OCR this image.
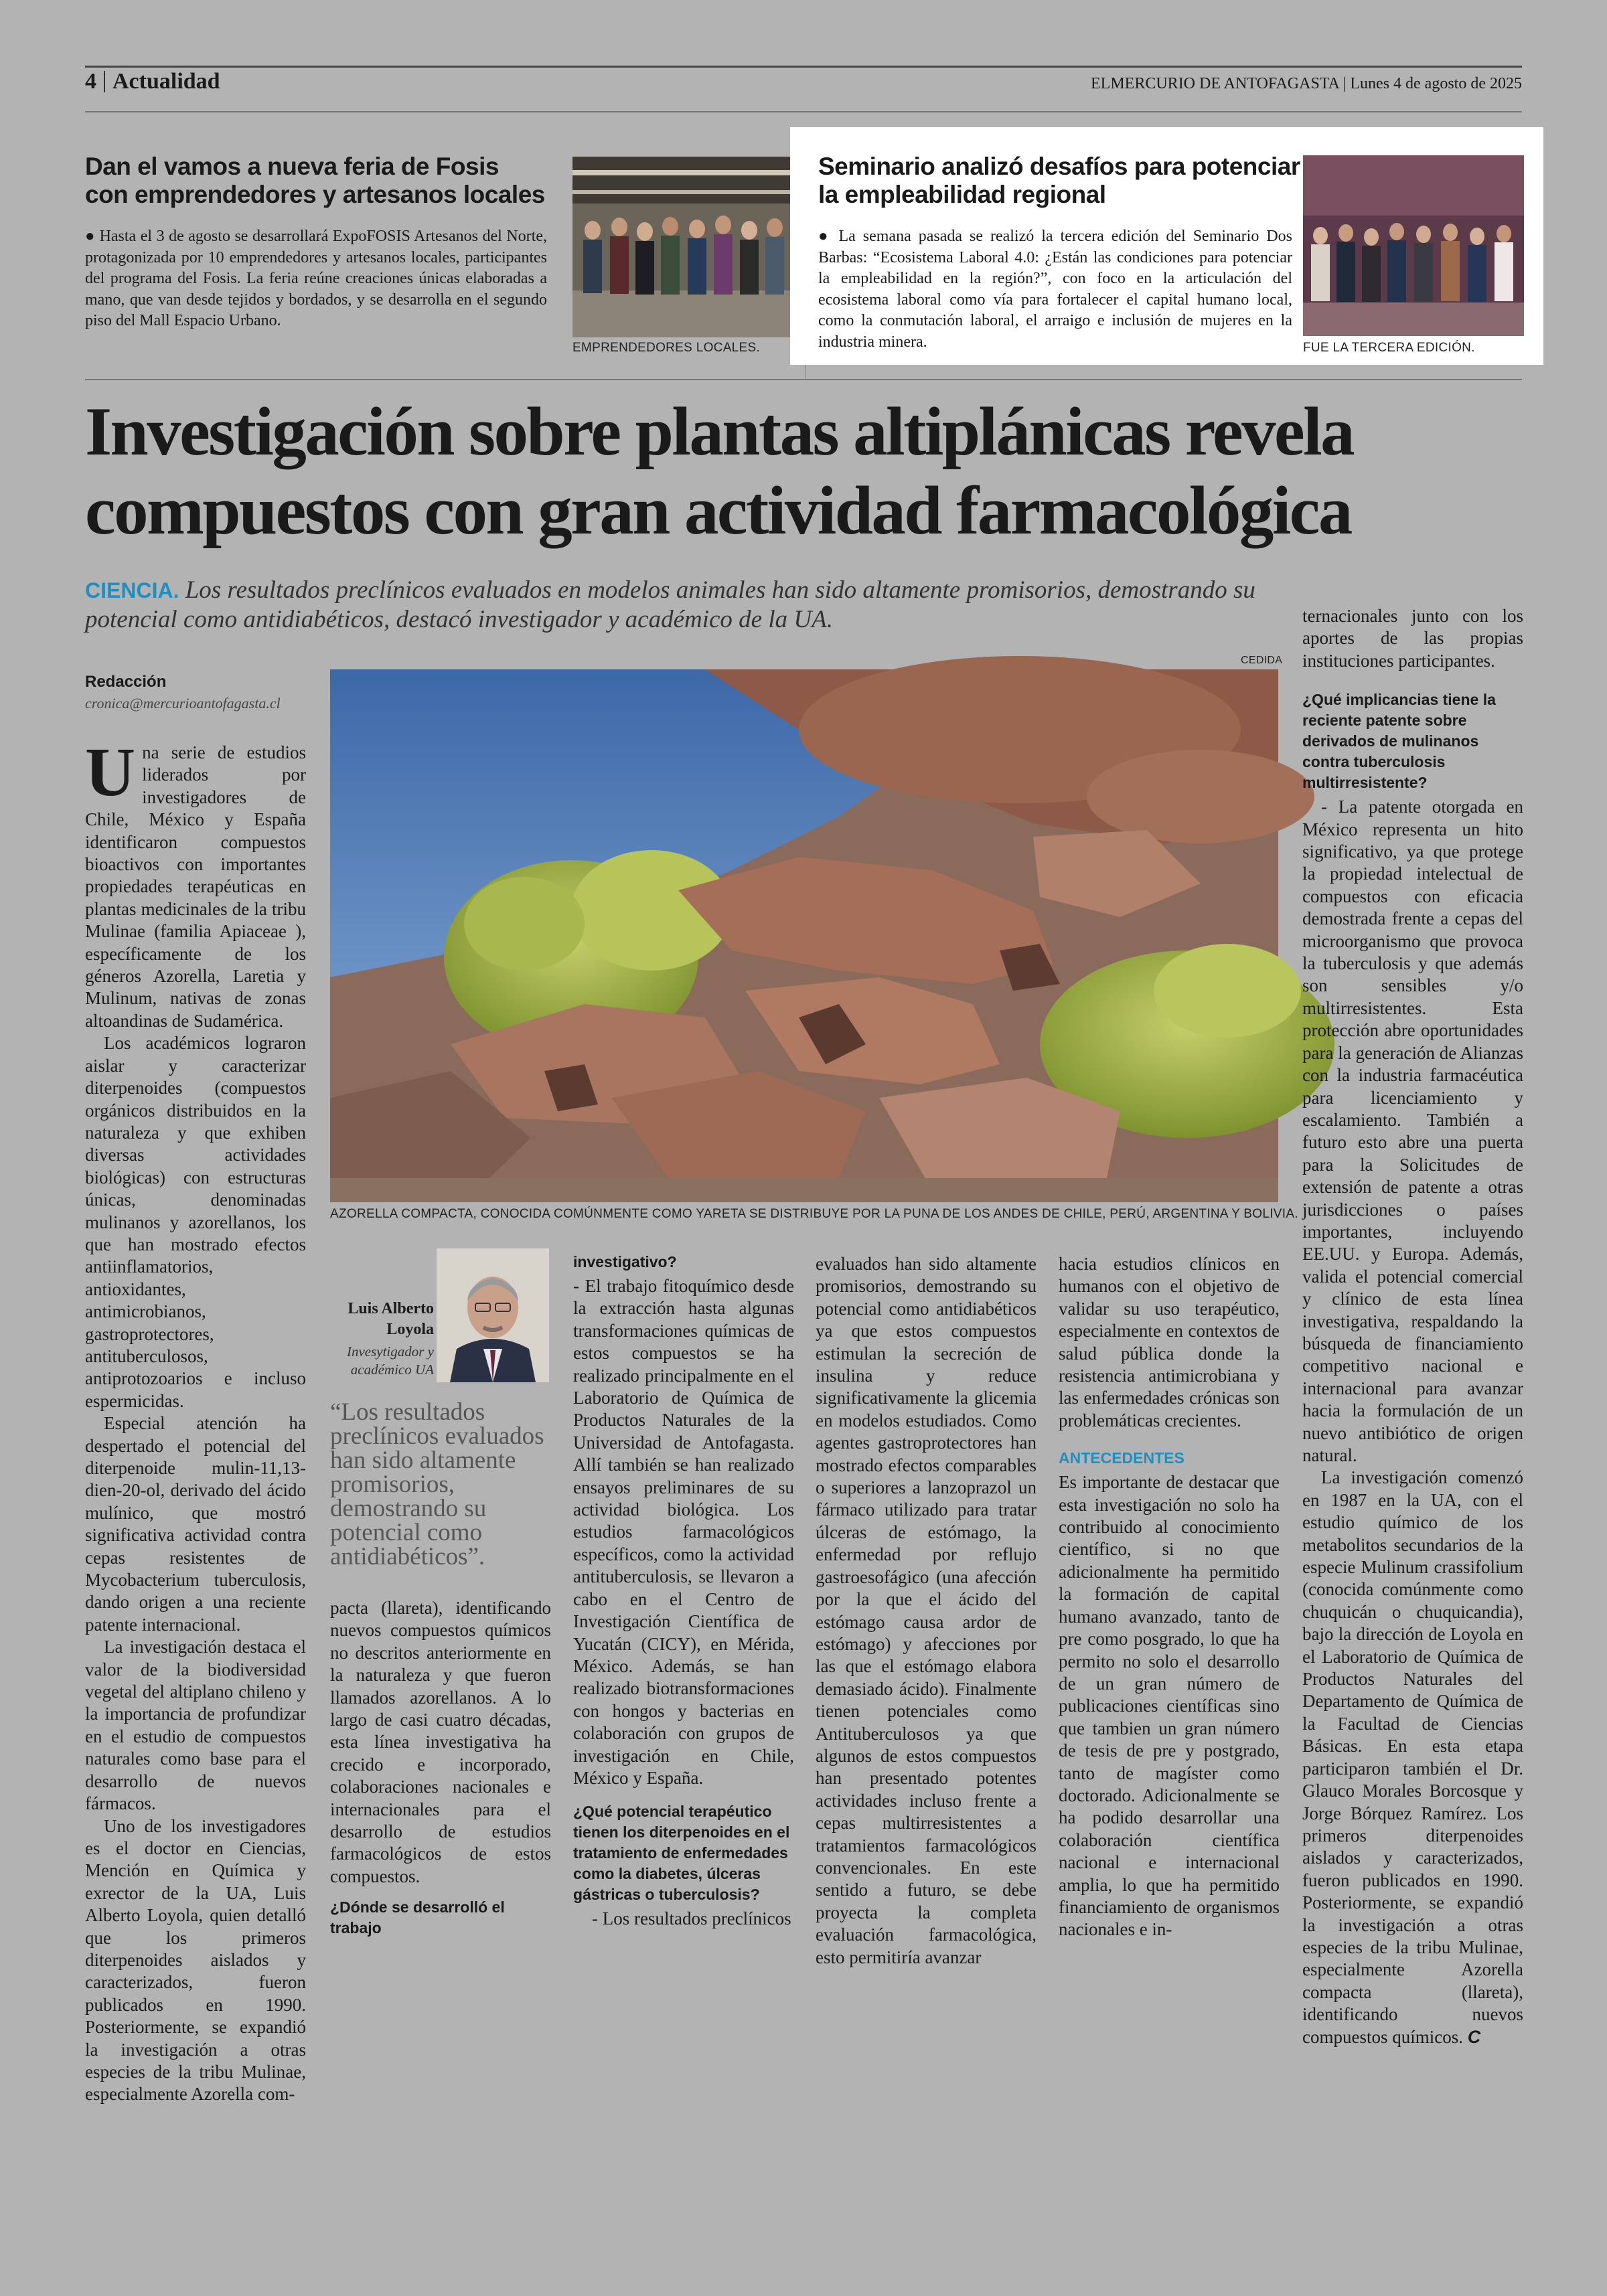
4 Actualidad	ELMERCURIO DE ANTOFAGASTA | Lunes 4 de agosto de 2025
Dan el vamos a nueva feria de Fosis con emprendedores y artesanos locales
● Hasta el 3 de agosto se desarrollará ExpoFOSIS Artesanos del Norte, protagonizada por 10 emprendedores y artesanos locales, participantes del programa del Fosis. La feria reúne creaciones únicas elaboradas a mano, que van desde tejidos y bordados, y se desarrolla en el segundo piso del Mall Espacio Urbano.
EMPRENDEDORES LOCALES.
Seminario analizó desafíos para potenciar la empleabilidad regional
● La semana pasada se realizó la tercera edición del Seminario Dos Barbas: “Ecosistema Laboral 4.0: ¿Están las condiciones para potenciar la empleabilidad en la región?”, con foco en la articulación del ecosistema laboral como vía para fortalecer el capital humano local, como la conmutación laboral, el arraigo e inclusión de mujeres en la industria minera.	FUE LA TERCERA EDICIÓN.
Investigación sobre plantas altiplánicas revela
compuestos con gran actividad farmacológica
CIENCIA. Los resultados preclínicos evaluados en modelos animales han sido altamente promisorios, demostrando su potencial como antidiabéticos, destacó investigador y académico de la UA.
Redacción
cronica@mercurioantofagasta.cl
CEDIDA
AZORELLA COMPACTA, CONOCIDA COMÚNMENTE COMO YARETA SE DISTRIBUYE POR LA PUNA DE LOS ANDES DE CHILE, PERÚ, ARGENTINA Y BOLIVIA.

Una serie de estudios liderados por investigadores de Chile, México y España identificaron compuestos bioactivos con importantes propiedades terapéuticas en plantas medicinales de la tribu Mulinae (familia Apiaceae ), específicamente de los géneros Azorella, Laretia y Mulinum, nativas de zonas altoandinas de Sudamérica.

Los académicos lograron aislar y caracterizar diterpenoides (compuestos orgánicos distribuidos en la naturaleza y que exhiben diversas actividades biológicas) con estructuras únicas, denominadas mulinanos y azorellanos, los que han mostrado efectos antiinflamatorios, antioxidantes, antimicrobianos, gastroprotectores, antituberculosos, antiprotozoarios e incluso espermicidas.

Especial atención ha despertado el potencial del diterpenoide mulin-11,13-dien-20-ol, derivado del ácido mulínico, que mostró significativa actividad contra cepas resistentes de Mycobacterium tuberculosis, dando origen a una reciente patente internacional.

La investigación destaca el valor de la biodiversidad vegetal del altiplano chileno y la importancia de profundizar en el estudio de compuestos naturales como base para el desarrollo de nuevos fármacos.

Uno de los investigadores es el doctor en Ciencias, Mención en Química y exrector de la UA, Luis Alberto Loyola, quien detalló que los primeros diterpenoides aislados y caracterizados, fueron publicados en 1990. Posteriormente, se expandió la investigación a otras especies de la tribu Mulinae, especialmente Azorella com-

Luis Alberto Loyola
Invesytigador y académico UA
“Los resultados preclínicos evaluados han sido altamente promisorios, demostrando su potencial como antidiabéticos”.

pacta (llareta), identificando nuevos compuestos químicos no descritos anteriormente en la naturaleza y que fueron llamados azorellanos. A lo largo de casi cuatro décadas, esta línea investigativa ha crecido e incorporado, colaboraciones nacionales e internacionales para el desarrollo de estudios farmacológicos de estos compuestos.

¿Dónde se desarrolló el trabajo

investigativo?

- El trabajo fitoquímico desde la extracción hasta algunas transformaciones químicas de estos compuestos se ha realizado principalmente en el Laboratorio de Química de Productos Naturales de la Universidad de Antofagasta. Allí también se han realizado ensayos preliminares de su actividad biológica. Los estudios farmacológicos específicos, como la actividad antituberculosis, se llevaron a cabo en el Centro de Investigación Científica de Yucatán (CICY), en Mérida, México. Además, se han realizado biotransformaciones con hongos y bacterias en colaboración con grupos de investigación en Chile, México y España.

¿Qué potencial terapéutico tienen los diterpenoides en el tratamiento de enfermedades como la diabetes, úlceras gástricas o tuberculosis?

- Los resultados preclínicos

evaluados han sido altamente promisorios, demostrando su potencial como antidiabéticos ya que estos compuestos estimulan la secreción de insulina y reduce significativamente la glicemia en modelos estudiados. Como agentes gastroprotectores han mostrado efectos comparables o superiores a lanzoprazol un fármaco utilizado para tratar úlceras de estómago, la enfermedad por reflujo gastroesofágico (una afección por la que el ácido del estómago causa ardor de estómago) y afecciones por las que el estómago elabora demasiado ácido). Finalmente tienen potenciales como Antituberculosos ya que algunos de estos compuestos han presentado potentes actividades incluso frente a cepas multirresistentes a tratamientos farmacológicos convencionales. En este sentido a futuro, se debe proyecta la completa evaluación farmacológica, esto permitiría avanzar

hacia estudios clínicos en humanos con el objetivo de validar su uso terapéutico, especialmente en contextos de salud pública donde la resistencia antimicrobiana y las enfermedades crónicas son problemáticas crecientes.

ANTECEDENTES

Es importante de destacar que esta investigación no solo ha contribuido al conocimiento científico, si no que adicionalmente ha permitido la formación de capital humano avanzado, tanto de pre como posgrado, lo que ha permito no solo el desarrollo de un gran número de publicaciones científicas sino que tambien un gran número de tesis de pre y postgrado, tanto de magíster como doctorado. Adicionalmente se ha podido desarrollar una colaboración científica nacional e internacional amplia, lo que ha permitido financiamiento de organismos nacionales e in-

ternacionales junto con los aportes de las propias instituciones participantes.

¿Qué implicancias tiene la reciente patente sobre derivados de mulinanos contra tuberculosis multirresistente?

- La patente otorgada en México representa un hito significativo, ya que protege la propiedad intelectual de compuestos con eficacia demostrada frente a cepas del microorganismo que provoca la tuberculosis y que además son sensibles y/o multirresistentes. Esta protección abre oportunidades para la generación de Alianzas con la industria farmacéutica para licenciamiento y escalamiento. También a futuro esto abre una puerta para la Solicitudes de extensión de patente a otras jurisdicciones o países importantes, incluyendo EE.UU. y Europa. Además, valida el potencial comercial y clínico de esta línea investigativa, respaldando la búsqueda de financiamiento competitivo nacional e internacional para avanzar hacia la formulación de un nuevo antibiótico de origen natural.

La investigación comenzó en 1987 en la UA, con el estudio químico de los metabolitos secundarios de la especie Mulinum crassifolium (conocida comúnmente como chuquicán o chuquicandia), bajo la dirección de Loyola en el Laboratorio de Química de Productos Naturales del Departamento de Química de la Facultad de Ciencias Básicas. En esta etapa participaron también el Dr. Glauco Morales Borcosque y Jorge Bórquez Ramírez. Los primeros diterpenoides aislados y caracterizados, fueron publicados en 1990. Posteriormente, se expandió la investigación a otras especies de la tribu Mulinae, especialmente Azorella compacta (llareta), identificando nuevos compuestos químicos. C
